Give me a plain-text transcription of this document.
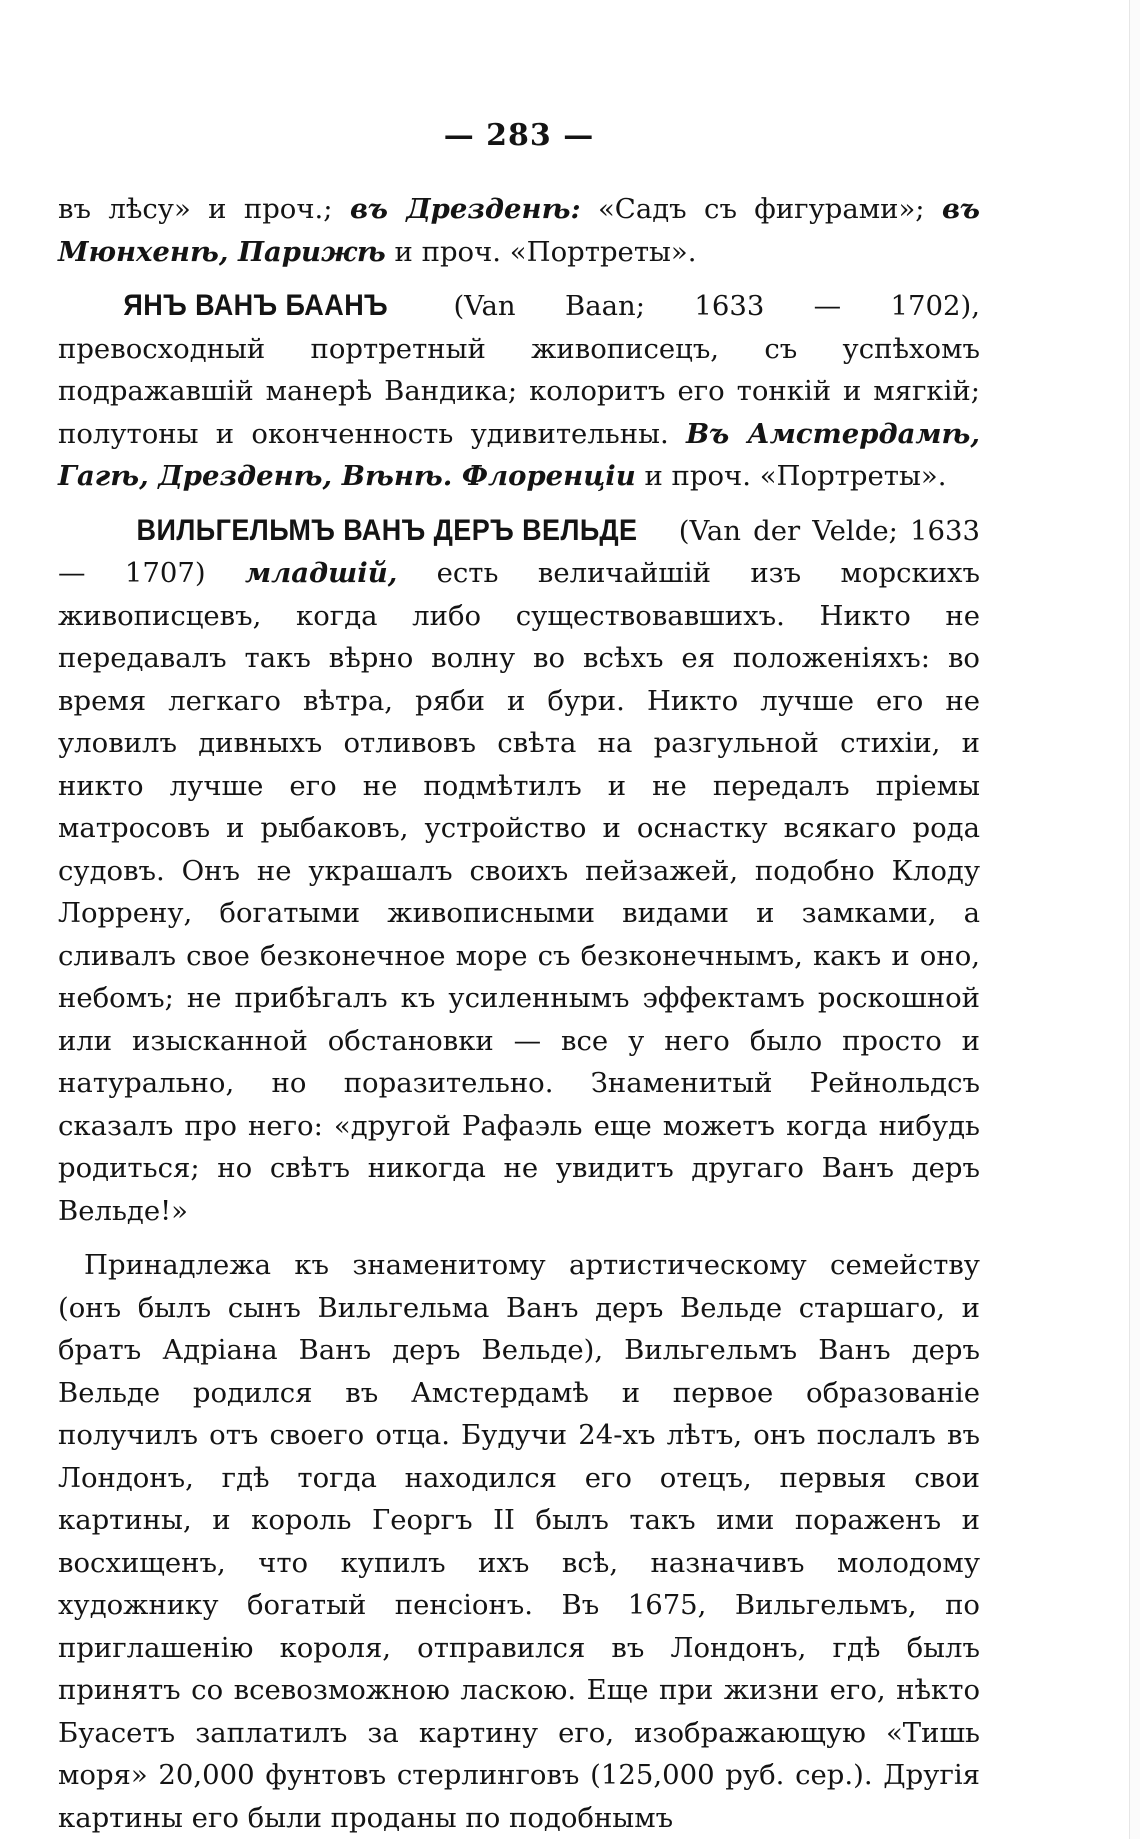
— 283 —

въ лѣсу» и проч.; въ Дрезденѣ: «Садъ съ фигурами»; въ Мюнхенѣ, Парижѣ и проч. «Портреты».

ЯНЪ ВАНЪ БААНЪ (Van Baan; 1633 — 1702), превосходный портретный живописецъ, съ успѣхомъ подражавшій манерѣ Вандика; колоритъ его тонкій и мягкій; полутоны и оконченность удивительны. Въ Амстердамѣ, Гагѣ, Дрезденѣ, Вѣнѣ. Флоренціи и проч. «Портреты».

ВИЛЬГЕЛЬМЪ ВАНЪ ДЕРЪ ВЕЛЬДЕ (Van der Velde; 1633 — 1707) младшій, есть величайшій изъ морскихъ живописцевъ, когда либо существовавшихъ. Никто не передавалъ такъ вѣрно волну во всѣхъ ея положеніяхъ: во время легкаго вѣтра, ряби и бури. Никто лучше его не уловилъ дивныхъ отливовъ свѣта на разгульной стихіи, и никто лучше его не подмѣтилъ и не передалъ пріемы матросовъ и рыбаковъ, устройство и оснастку всякаго рода судовъ. Онъ не украшалъ своихъ пейзажей, подобно Клоду Лоррену, богатыми живописными видами и замками, а сливалъ свое безконечное море съ безконечнымъ, какъ и оно, небомъ; не прибѣгалъ къ усиленнымъ эффектамъ роскошной или изысканной обстановки — все у него было просто и натурально, но поразительно. Знаменитый Рейнольдсъ сказалъ про него: «другой Рафаэль еще можетъ когда нибудь родиться; но свѣтъ никогда не увидитъ другаго Ванъ деръ Вельде!»

Принадлежа къ знаменитому артистическому семейству (онъ былъ сынъ Вильгельма Ванъ деръ Вельде старшаго, и братъ Адріана Ванъ деръ Вельде), Вильгельмъ Ванъ деръ Вельде родился въ Амстердамѣ и первое образованіе получилъ отъ своего отца. Будучи 24-хъ лѣтъ, онъ послалъ въ Лондонъ, гдѣ тогда находился его отецъ, первыя свои картины, и король Георгъ II былъ такъ ими пораженъ и восхищенъ, что купилъ ихъ всѣ, назначивъ молодому художнику богатый пенсіонъ. Въ 1675, Вильгельмъ, по приглашенію короля, отправился въ Лондонъ, гдѣ былъ принятъ со всевозможною ласкою. Еще при жизни его, нѣкто Буасетъ заплатилъ за картину его, изображающую «Тишь моря» 20,000 фунтовъ стерлинговъ (125,000 руб. сер.). Другія картины его были проданы по подобнымъ
